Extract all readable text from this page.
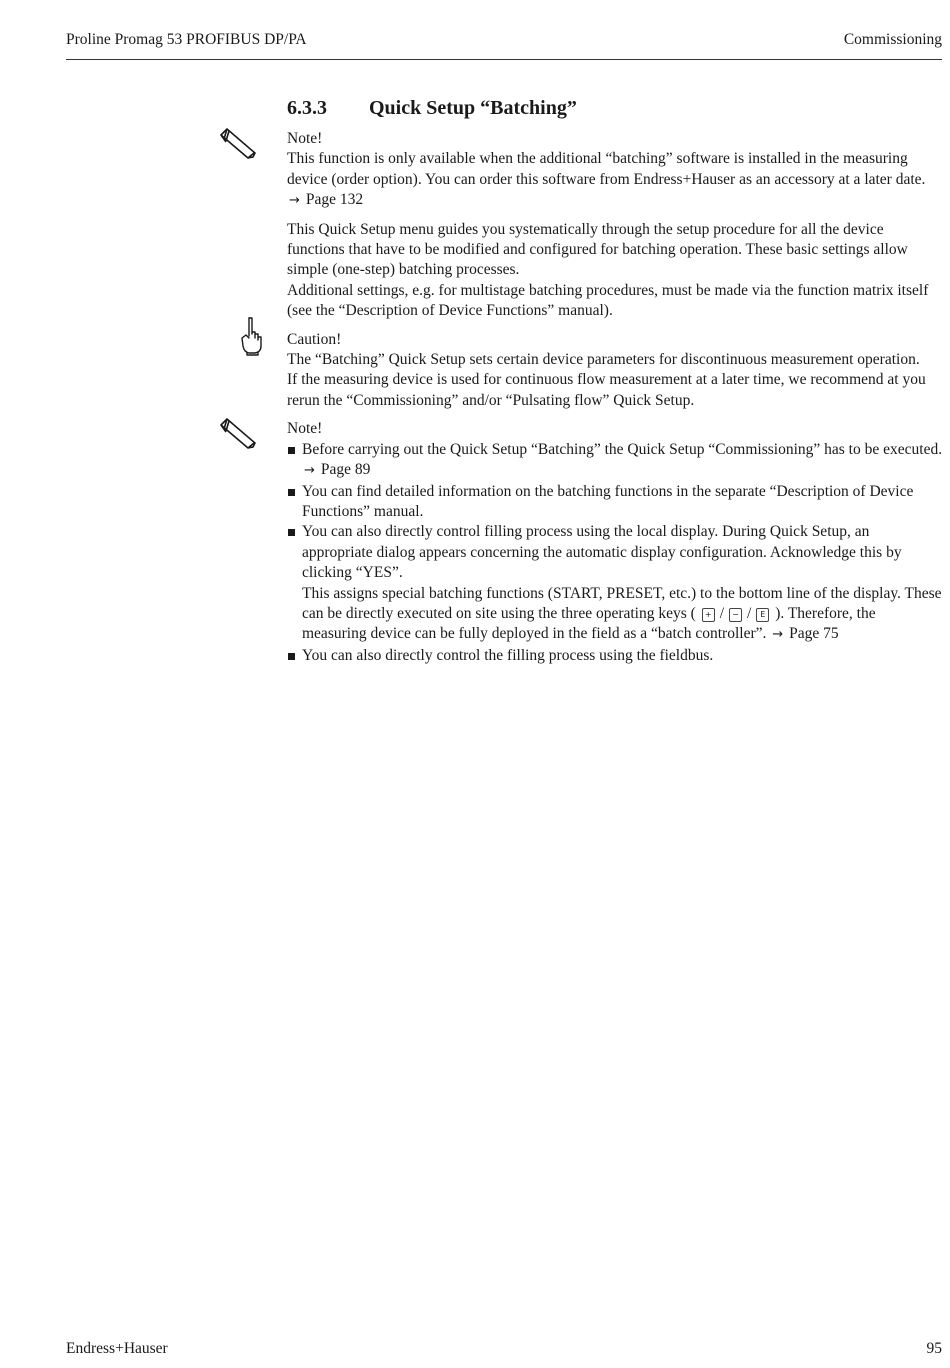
Proline Promag 53 PROFIBUS DP/PA	Commissioning
6.3.3 Quick Setup “Batching”

Note!

This function is only available when the additional “batching” software is installed in the measuring device (order option). You can order this software from Endress+Hauser as an accessory at a later date. → Page 132

This Quick Setup menu guides you systematically through the setup procedure for all the device functions that have to be modified and configured for batching operation. These basic settings allow simple (one-step) batching processes.

Additional settings, e.g. for multistage batching procedures, must be made via the function matrix itself (see the “Description of Device Functions” manual).

Caution!

The “Batching” Quick Setup sets certain device parameters for discontinuous measurement operation.

If the measuring device is used for continuous flow measurement at a later time, we recommend at you rerun the “Commissioning” and/or “Pulsating flow” Quick Setup.

Note!

Before carrying out the Quick Setup “Batching” the Quick Setup “Commissioning” has to be executed. → Page 89

You can find detailed information on the batching functions in the separate “Description of Device Functions” manual.

You can also directly control filling process using the local display. During Quick Setup, an appropriate dialog appears concerning the automatic display configuration. Acknowledge this by clicking “YES”.

This assigns special batching functions (START, PRESET, etc.) to the bottom line of the display. These can be directly executed on site using the three operating keys ( + / − / E ). Therefore, the measuring device can be fully deployed in the field as a “batch controller”. → Page 75

You can also directly control the filling process using the fieldbus.

Endress+Hauser	95
